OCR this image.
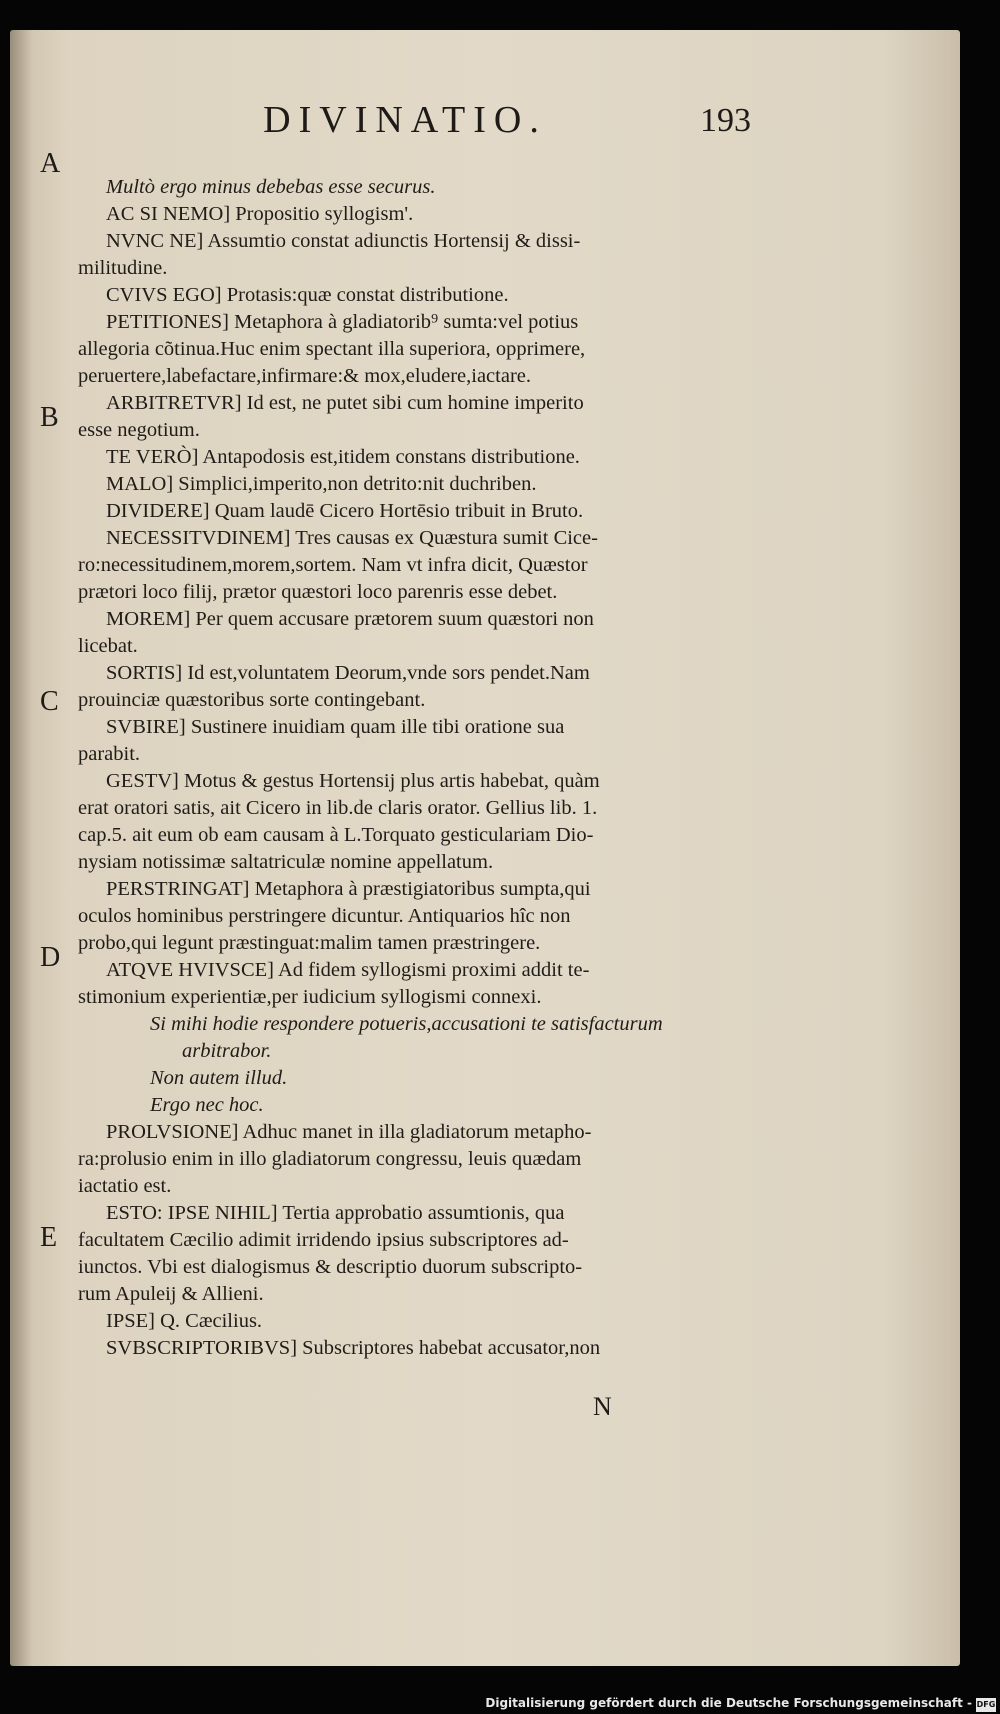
DIVINATIO.	193
A
B
C
D
E
Multò ergo minus debebas esse securus.
AC SI NEMO] Propositio syllogism'.
NVNC NE] Assumtio constat adiunctis Hortensij & dissi-
militudine.
CVIVS EGO] Protasis:quæ constat distributione.
PETITIONES] Metaphora à gladiatorib⁹ sumta:vel potius
allegoria cõtinua.Huc enim spectant illa superiora, opprimere,
peruertere,labefactare,infirmare:& mox,eludere,iactare.
ARBITRETVR] Id est, ne putet sibi cum homine imperito
esse negotium.
TE VERÒ] Antapodosis est,itidem constans distributione.
MALO] Simplici,imperito,non detrito:nit duchriben.
DIVIDERE] Quam laudē Cicero Hortēsio tribuit in Bruto.
NECESSITVDINEM] Tres causas ex Quæstura sumit Cice-
ro:necessitudinem,morem,sortem. Nam vt infra dicit, Quæstor
prætori loco filij, prætor quæstori loco parenris esse debet.
MOREM] Per quem accusare prætorem suum quæstori non
licebat.
SORTIS] Id est,voluntatem Deorum,vnde sors pendet.Nam
prouinciæ quæstoribus sorte contingebant.
SVBIRE] Sustinere inuidiam quam ille tibi oratione sua
parabit.
GESTV] Motus & gestus Hortensij plus artis habebat, quàm
erat oratori satis, ait Cicero in lib.de claris orator. Gellius lib. 1.
cap.5. ait eum ob eam causam à L.Torquato gesticulariam Dio-
nysiam notissimæ saltatriculæ nomine appellatum.
PERSTRINGAT] Metaphora à præstigiatoribus sumpta,qui
oculos hominibus perstringere dicuntur. Antiquarios hîc non
probo,qui legunt præstinguat:malim tamen præstringere.
ATQVE HVIVSCE] Ad fidem syllogismi proximi addit te-
stimonium experientiæ,per iudicium syllogismi connexi.
Si mihi hodie respondere potueris,accusationi te satisfacturum
arbitrabor.
Non autem illud.
Ergo nec hoc.
PROLVSIONE] Adhuc manet in illa gladiatorum metapho-
ra:prolusio enim in illo gladiatorum congressu, leuis quædam
iactatio est.
ESTO: IPSE NIHIL] Tertia approbatio assumtionis, qua
facultatem Cæcilio adimit irridendo ipsius subscriptores ad-
iunctos. Vbi est dialogismus & descriptio duorum subscripto-
rum Apuleij & Allieni.
IPSE] Q. Cæcilius.
SVBSCRIPTORIBVS] Subscriptores habebat accusator,non
N
Digitalisierung gefördert durch die Deutsche Forschungsgemeinschaft - DFG
